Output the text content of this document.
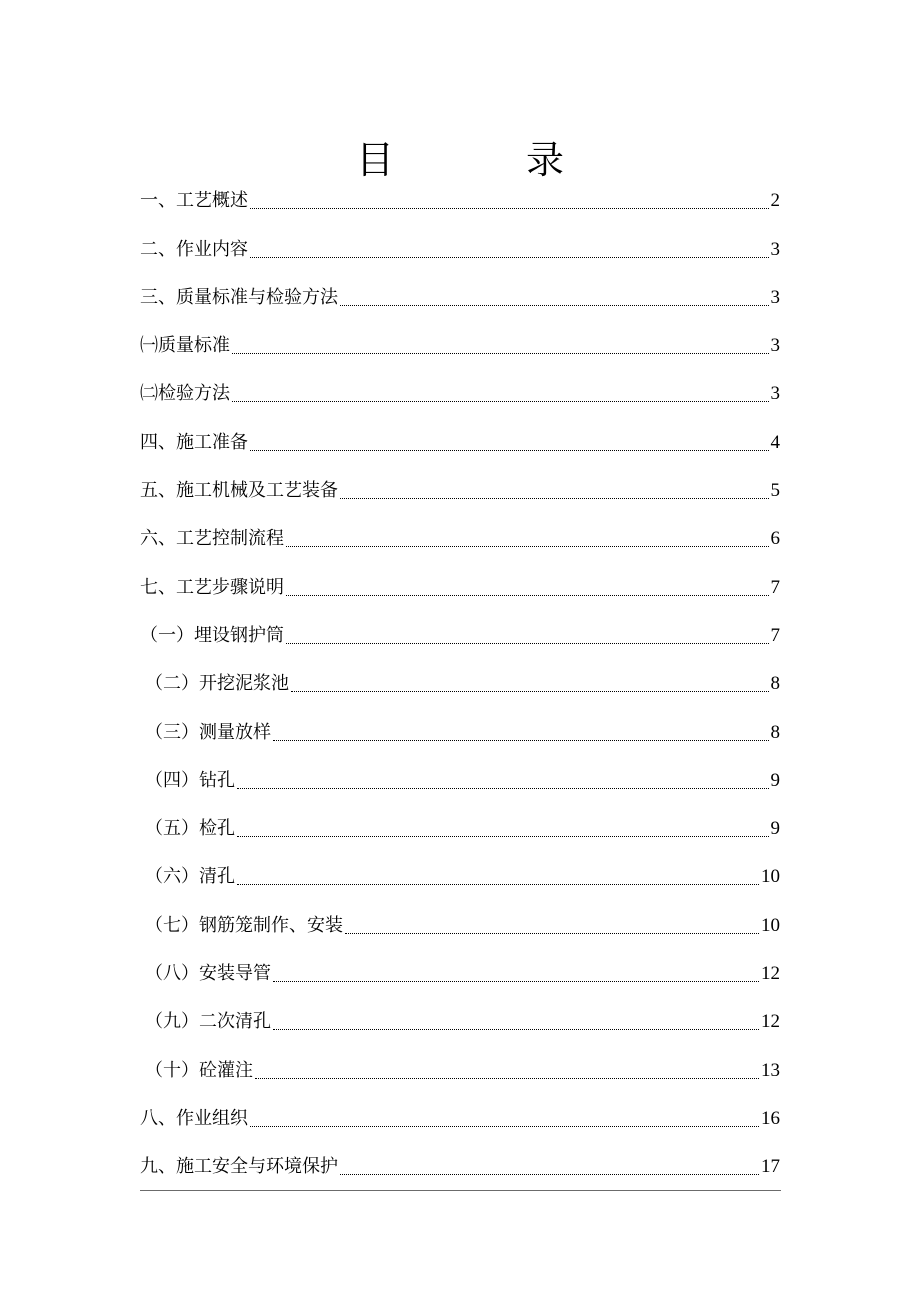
目 录
一、工艺概述	2
二、作业内容	3
三、质量标准与检验方法	3
㈠质量标准	3
㈡检验方法	3
四、施工准备	4
五、施工机械及工艺装备	5
六、工艺控制流程	6
七、工艺步骤说明	7
（一）埋设钢护筒	7
（二）开挖泥浆池	8
（三）测量放样	8
（四）钻孔	9
（五）检孔	9
（六）清孔	10
（七）钢筋笼制作、安装	10
（八）安装导管	12
（九）二次清孔	12
（十）砼灌注	13
八、作业组织	16
九、施工安全与环境保护	17
